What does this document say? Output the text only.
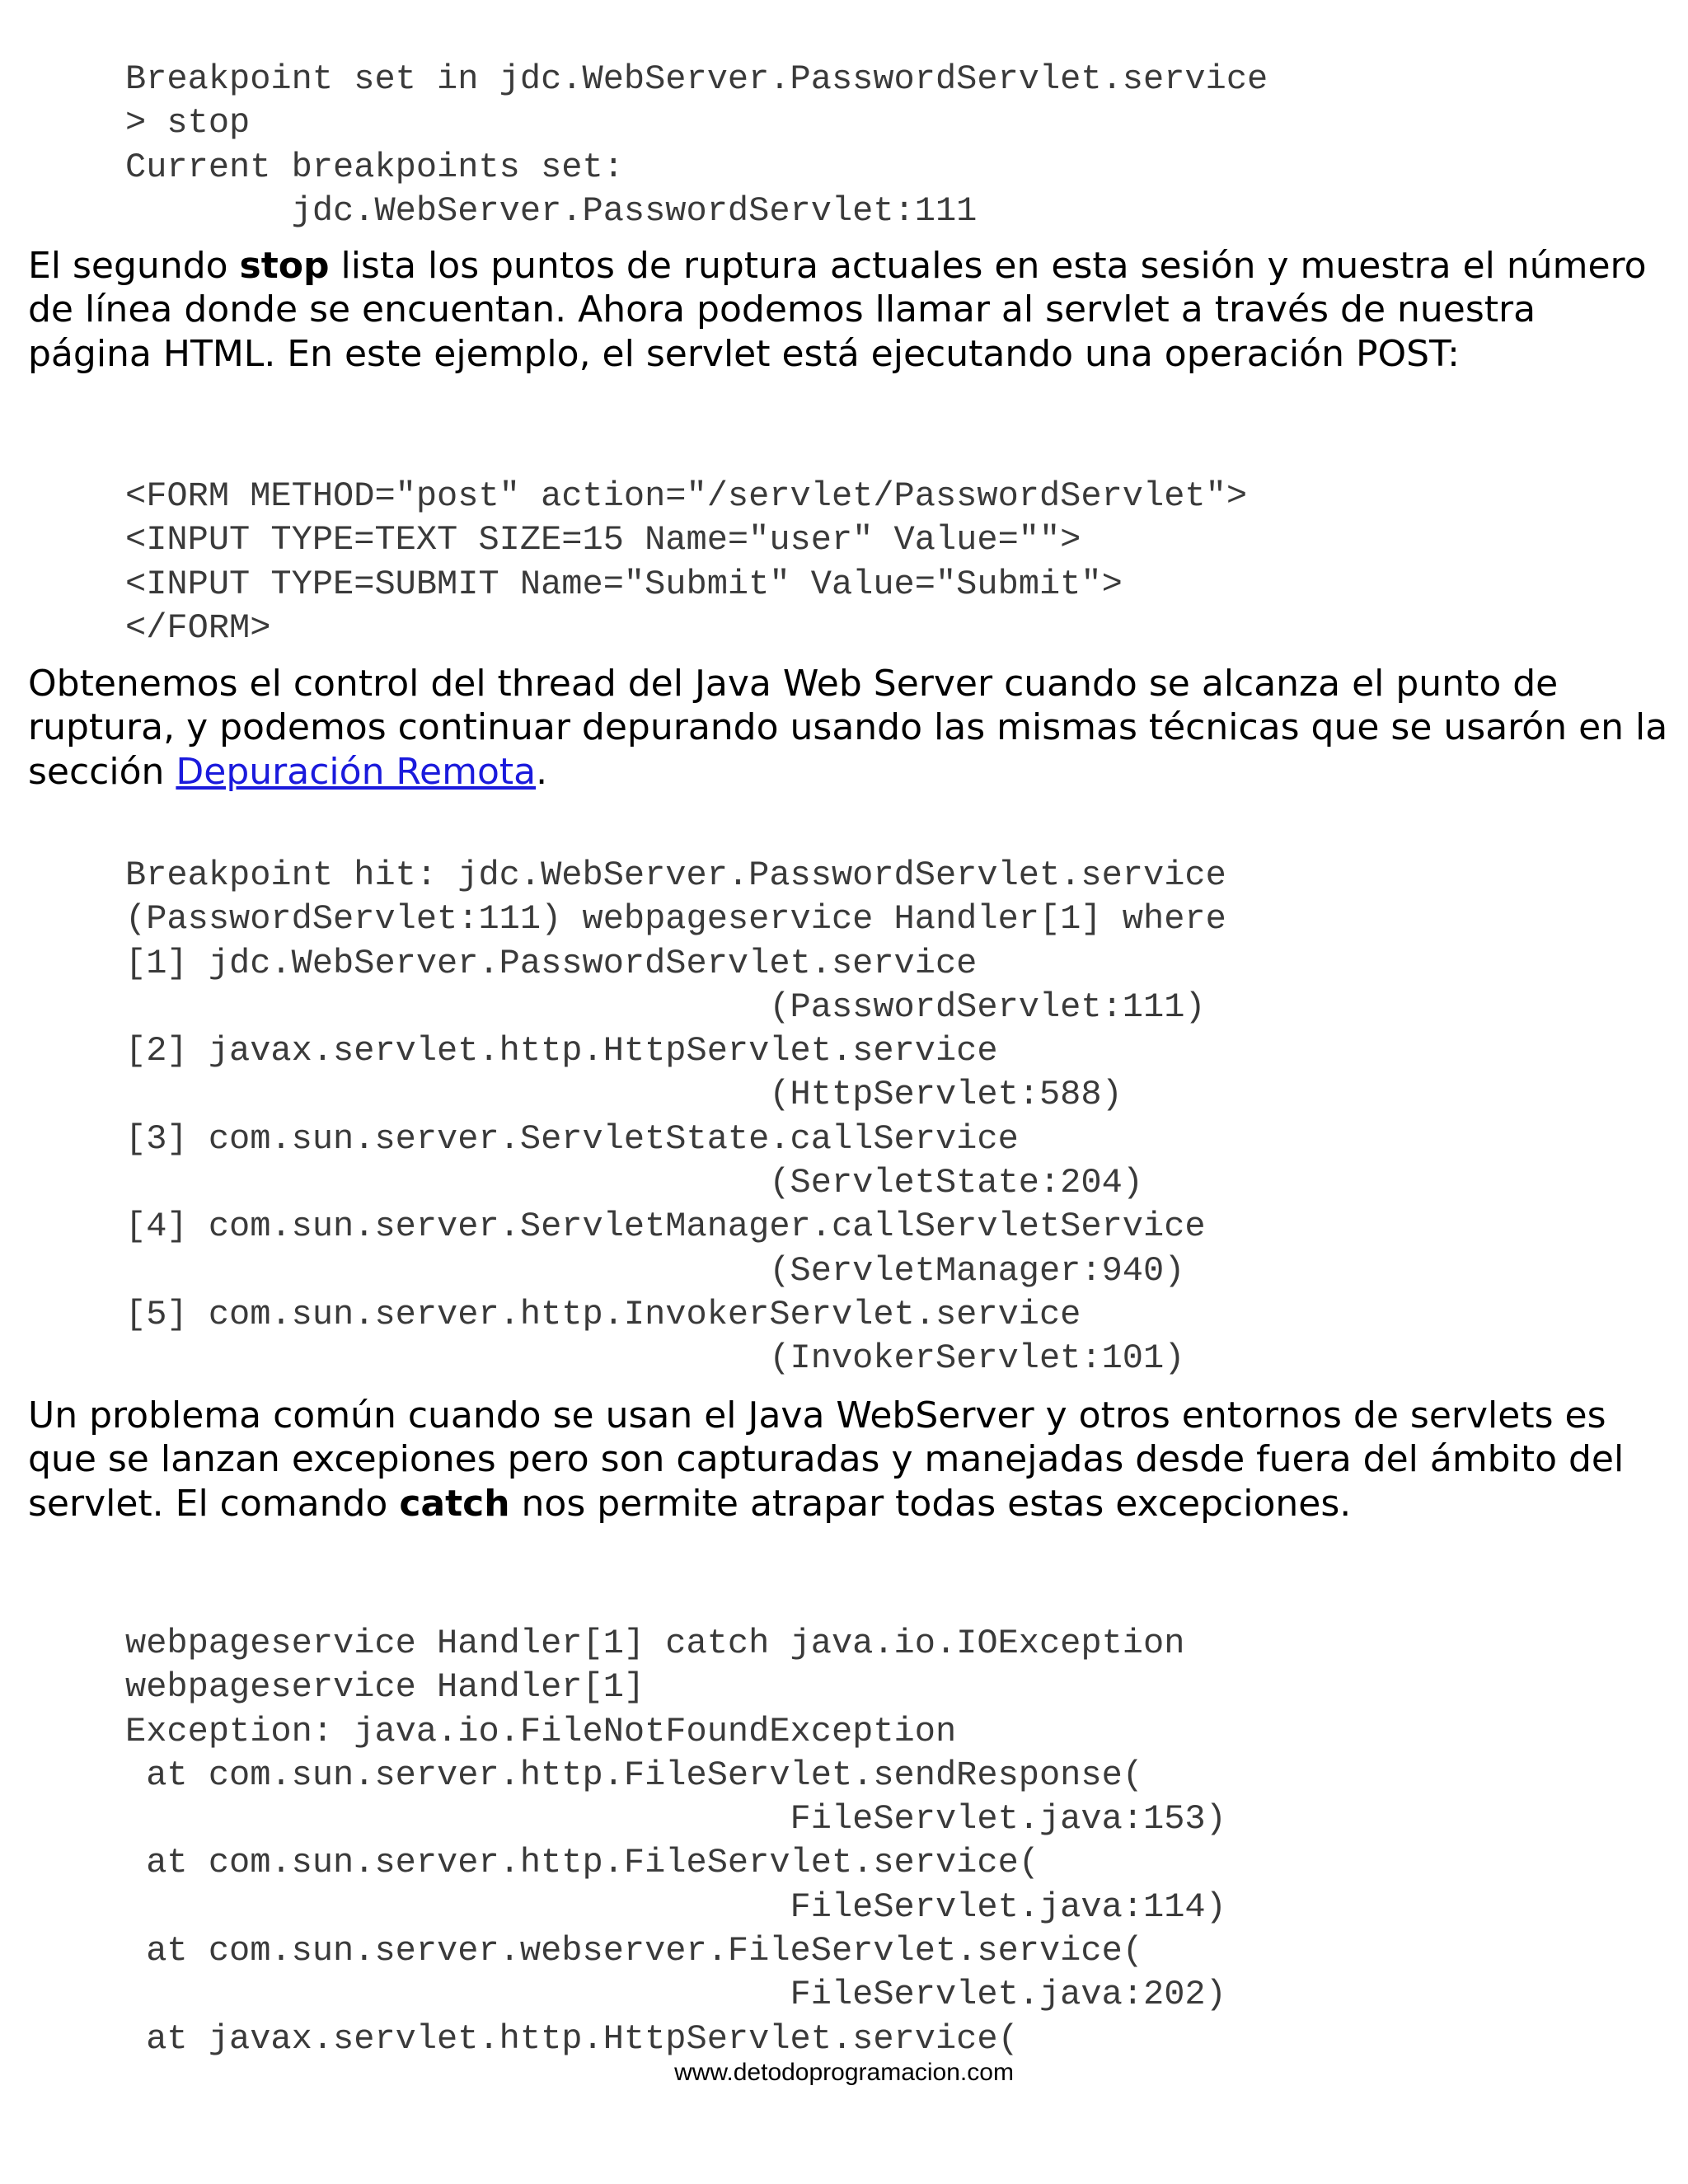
Breakpoint set in jdc.WebServer.PasswordServlet.service
> stop
Current breakpoints set:
jdc.WebServer.PasswordServlet:111

El segundo stop lista los puntos de ruptura actuales en esta sesión y muestra el número de línea donde se encuentan. Ahora podemos llamar al servlet a través de nuestra página HTML. En este ejemplo, el servlet está ejecutando una operación POST:

<FORM METHOD="post" action="/servlet/PasswordServlet">
<INPUT TYPE=TEXT SIZE=15 Name="user" Value="">
<INPUT TYPE=SUBMIT Name="Submit" Value="Submit">
</FORM>

Obtenemos el control del thread del Java Web Server cuando se alcanza el punto de ruptura, y podemos continuar depurando usando las mismas técnicas que se usarón en la sección Depuración Remota.

Breakpoint hit: jdc.WebServer.PasswordServlet.service
(PasswordServlet:111) webpageservice Handler[1] where
[1] jdc.WebServer.PasswordServlet.service
(PasswordServlet:111)
[2] javax.servlet.http.HttpServlet.service
(HttpServlet:588)
[3] com.sun.server.ServletState.callService
(ServletState:204)
[4] com.sun.server.ServletManager.callServletService
(ServletManager:940)
[5] com.sun.server.http.InvokerServlet.service
(InvokerServlet:101)

Un problema común cuando se usan el Java WebServer y otros entornos de servlets es que se lanzan excepiones pero son capturadas y manejadas desde fuera del ámbito del servlet. El comando catch nos permite atrapar todas estas excepciones.

webpageservice Handler[1] catch java.io.IOException
webpageservice Handler[1]
Exception: java.io.FileNotFoundException
at com.sun.server.http.FileServlet.sendResponse(
FileServlet.java:153)
at com.sun.server.http.FileServlet.service(
FileServlet.java:114)
at com.sun.server.webserver.FileServlet.service(
FileServlet.java:202)
at javax.servlet.http.HttpServlet.service(
www.detodoprogramacion.com
